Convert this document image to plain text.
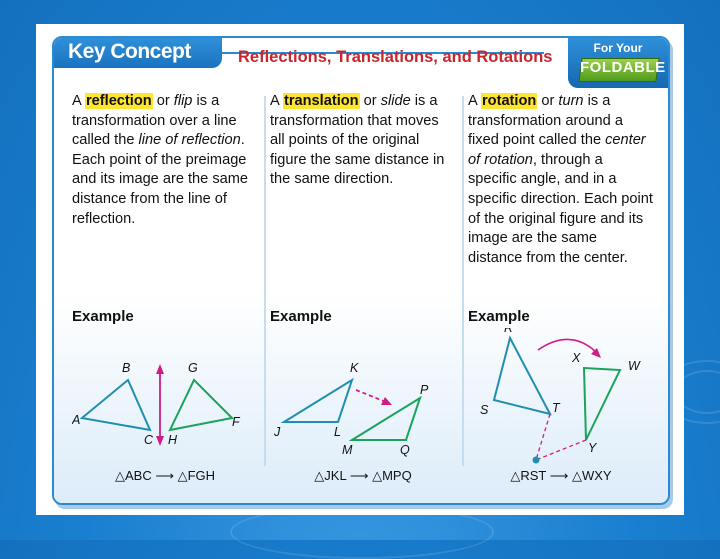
Key Concept	Reflections, Translations, and Rotations	For Your
FOLDABLE

A reflection or flip is a transformation over a line called the line of reflection. Each point of the preimage and its image are the same distance from the line of reflection.

Example
A
B
C H
G
F
△ABC ⟶ △FGH

A translation or slide is a transformation that moves all points of the original figure the same distance in the same direction.

Example
J
K
L
M
P
Q
△JKL ⟶ △MPQ

A rotation or turn is a transformation around a fixed point called the center of rotation, through a specific angle, and in a specific direction. Each point of the original figure and its image are the same distance from the center.

Example
R
S	T
X
W
Y
△RST ⟶ △WXY
